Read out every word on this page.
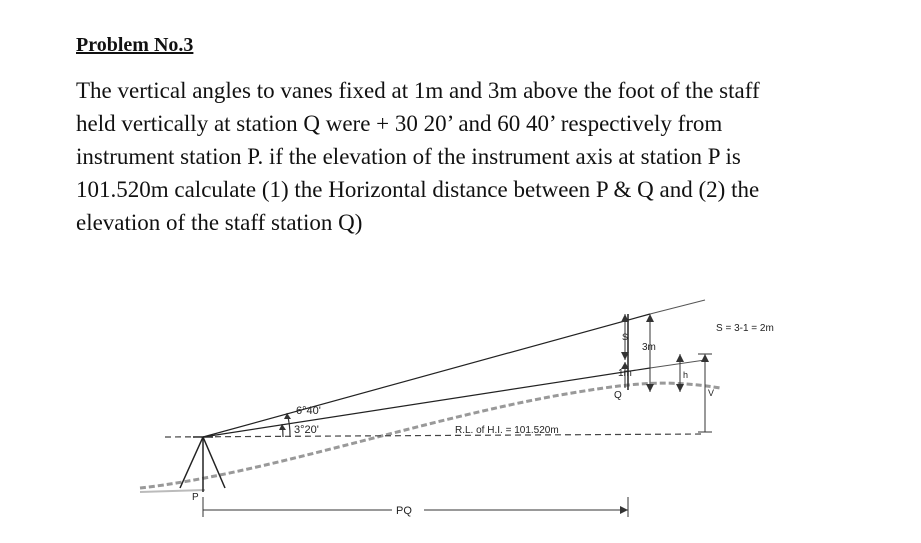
Problem No.3
The vertical angles to vanes fixed at 1m and 3m above the foot of the staff
held vertically at station Q were + 30 20’ and 60 40’ respectively from
instrument station P. if the elevation of the instrument axis at station P is
101.520m calculate (1) the Horizontal distance between P & Q and (2) the
elevation of the staff station Q)
6°40'
3°20'	R.L. of H.I. = 101.520m
S
1m
Q
3m
h
V
S = 3-1 = 2m
P
PQ
